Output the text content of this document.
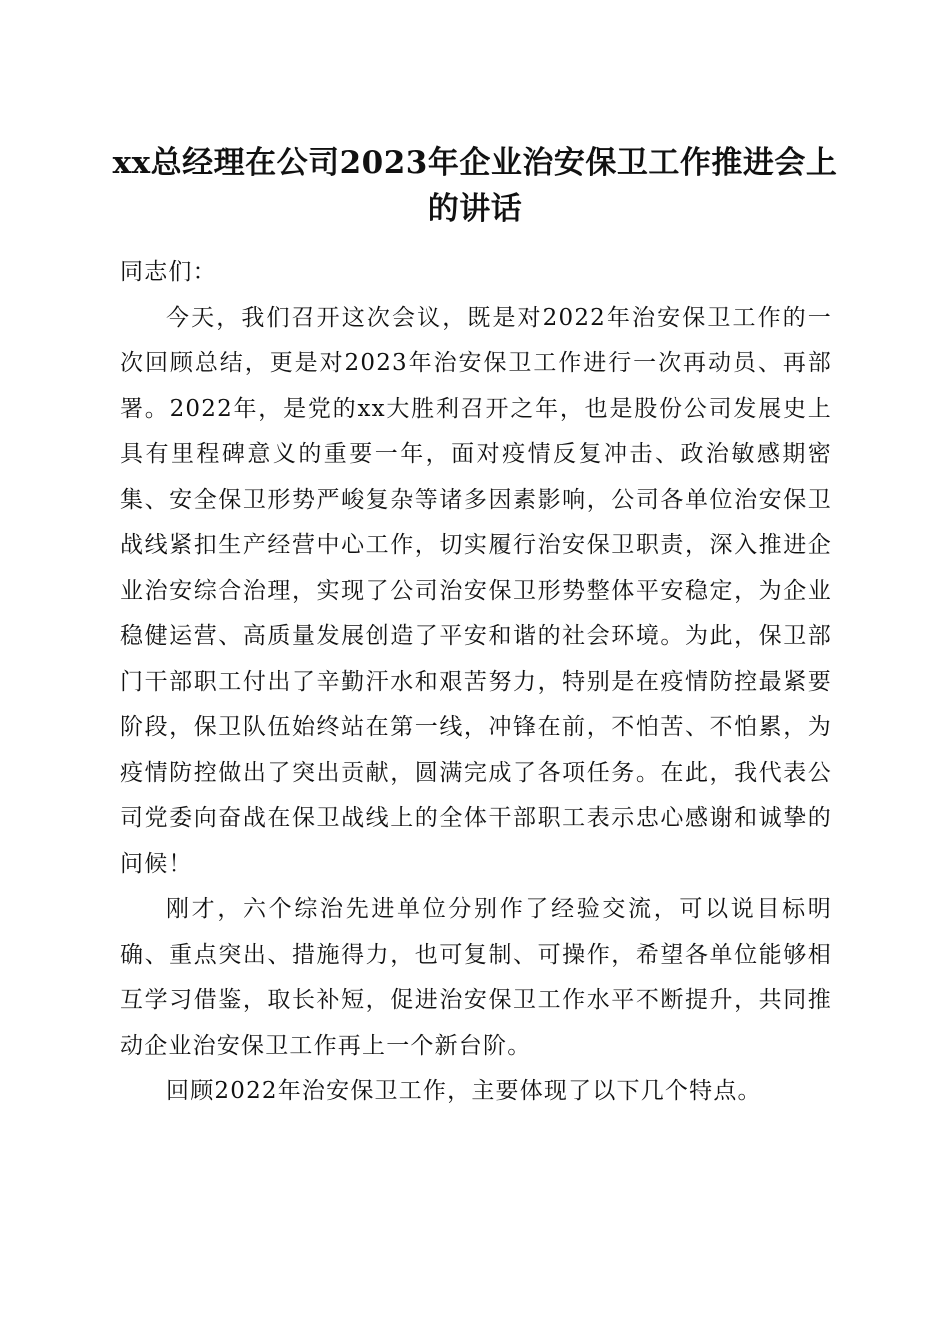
xx总经理在公司2023年企业治安保卫工作推进会上的讲话

同志们：

今天，我们召开这次会议，既是对2022年治安保卫工作的一次回顾总结，更是对2023年治安保卫工作进行一次再动员、再部署。2022年，是党的xx大胜利召开之年，也是股份公司发展史上具有里程碑意义的重要一年，面对疫情反复冲击、政治敏感期密集、安全保卫形势严峻复杂等诸多因素影响，公司各单位治安保卫战线紧扣生产经营中心工作，切实履行治安保卫职责，深入推进企业治安综合治理，实现了公司治安保卫形势整体平安稳定，为企业稳健运营、高质量发展创造了平安和谐的社会环境。为此，保卫部门干部职工付出了辛勤汗水和艰苦努力，特别是在疫情防控最紧要阶段，保卫队伍始终站在第一线，冲锋在前，不怕苦、不怕累，为疫情防控做出了突出贡献，圆满完成了各项任务。在此，我代表公司党委向奋战在保卫战线上的全体干部职工表示忠心感谢和诚挚的问候！

刚才，六个综治先进单位分别作了经验交流，可以说目标明确、重点突出、措施得力，也可复制、可操作，希望各单位能够相互学习借鉴，取长补短，促进治安保卫工作水平不断提升，共同推动企业治安保卫工作再上一个新台阶。

回顾2022年治安保卫工作，主要体现了以下几个特点。
